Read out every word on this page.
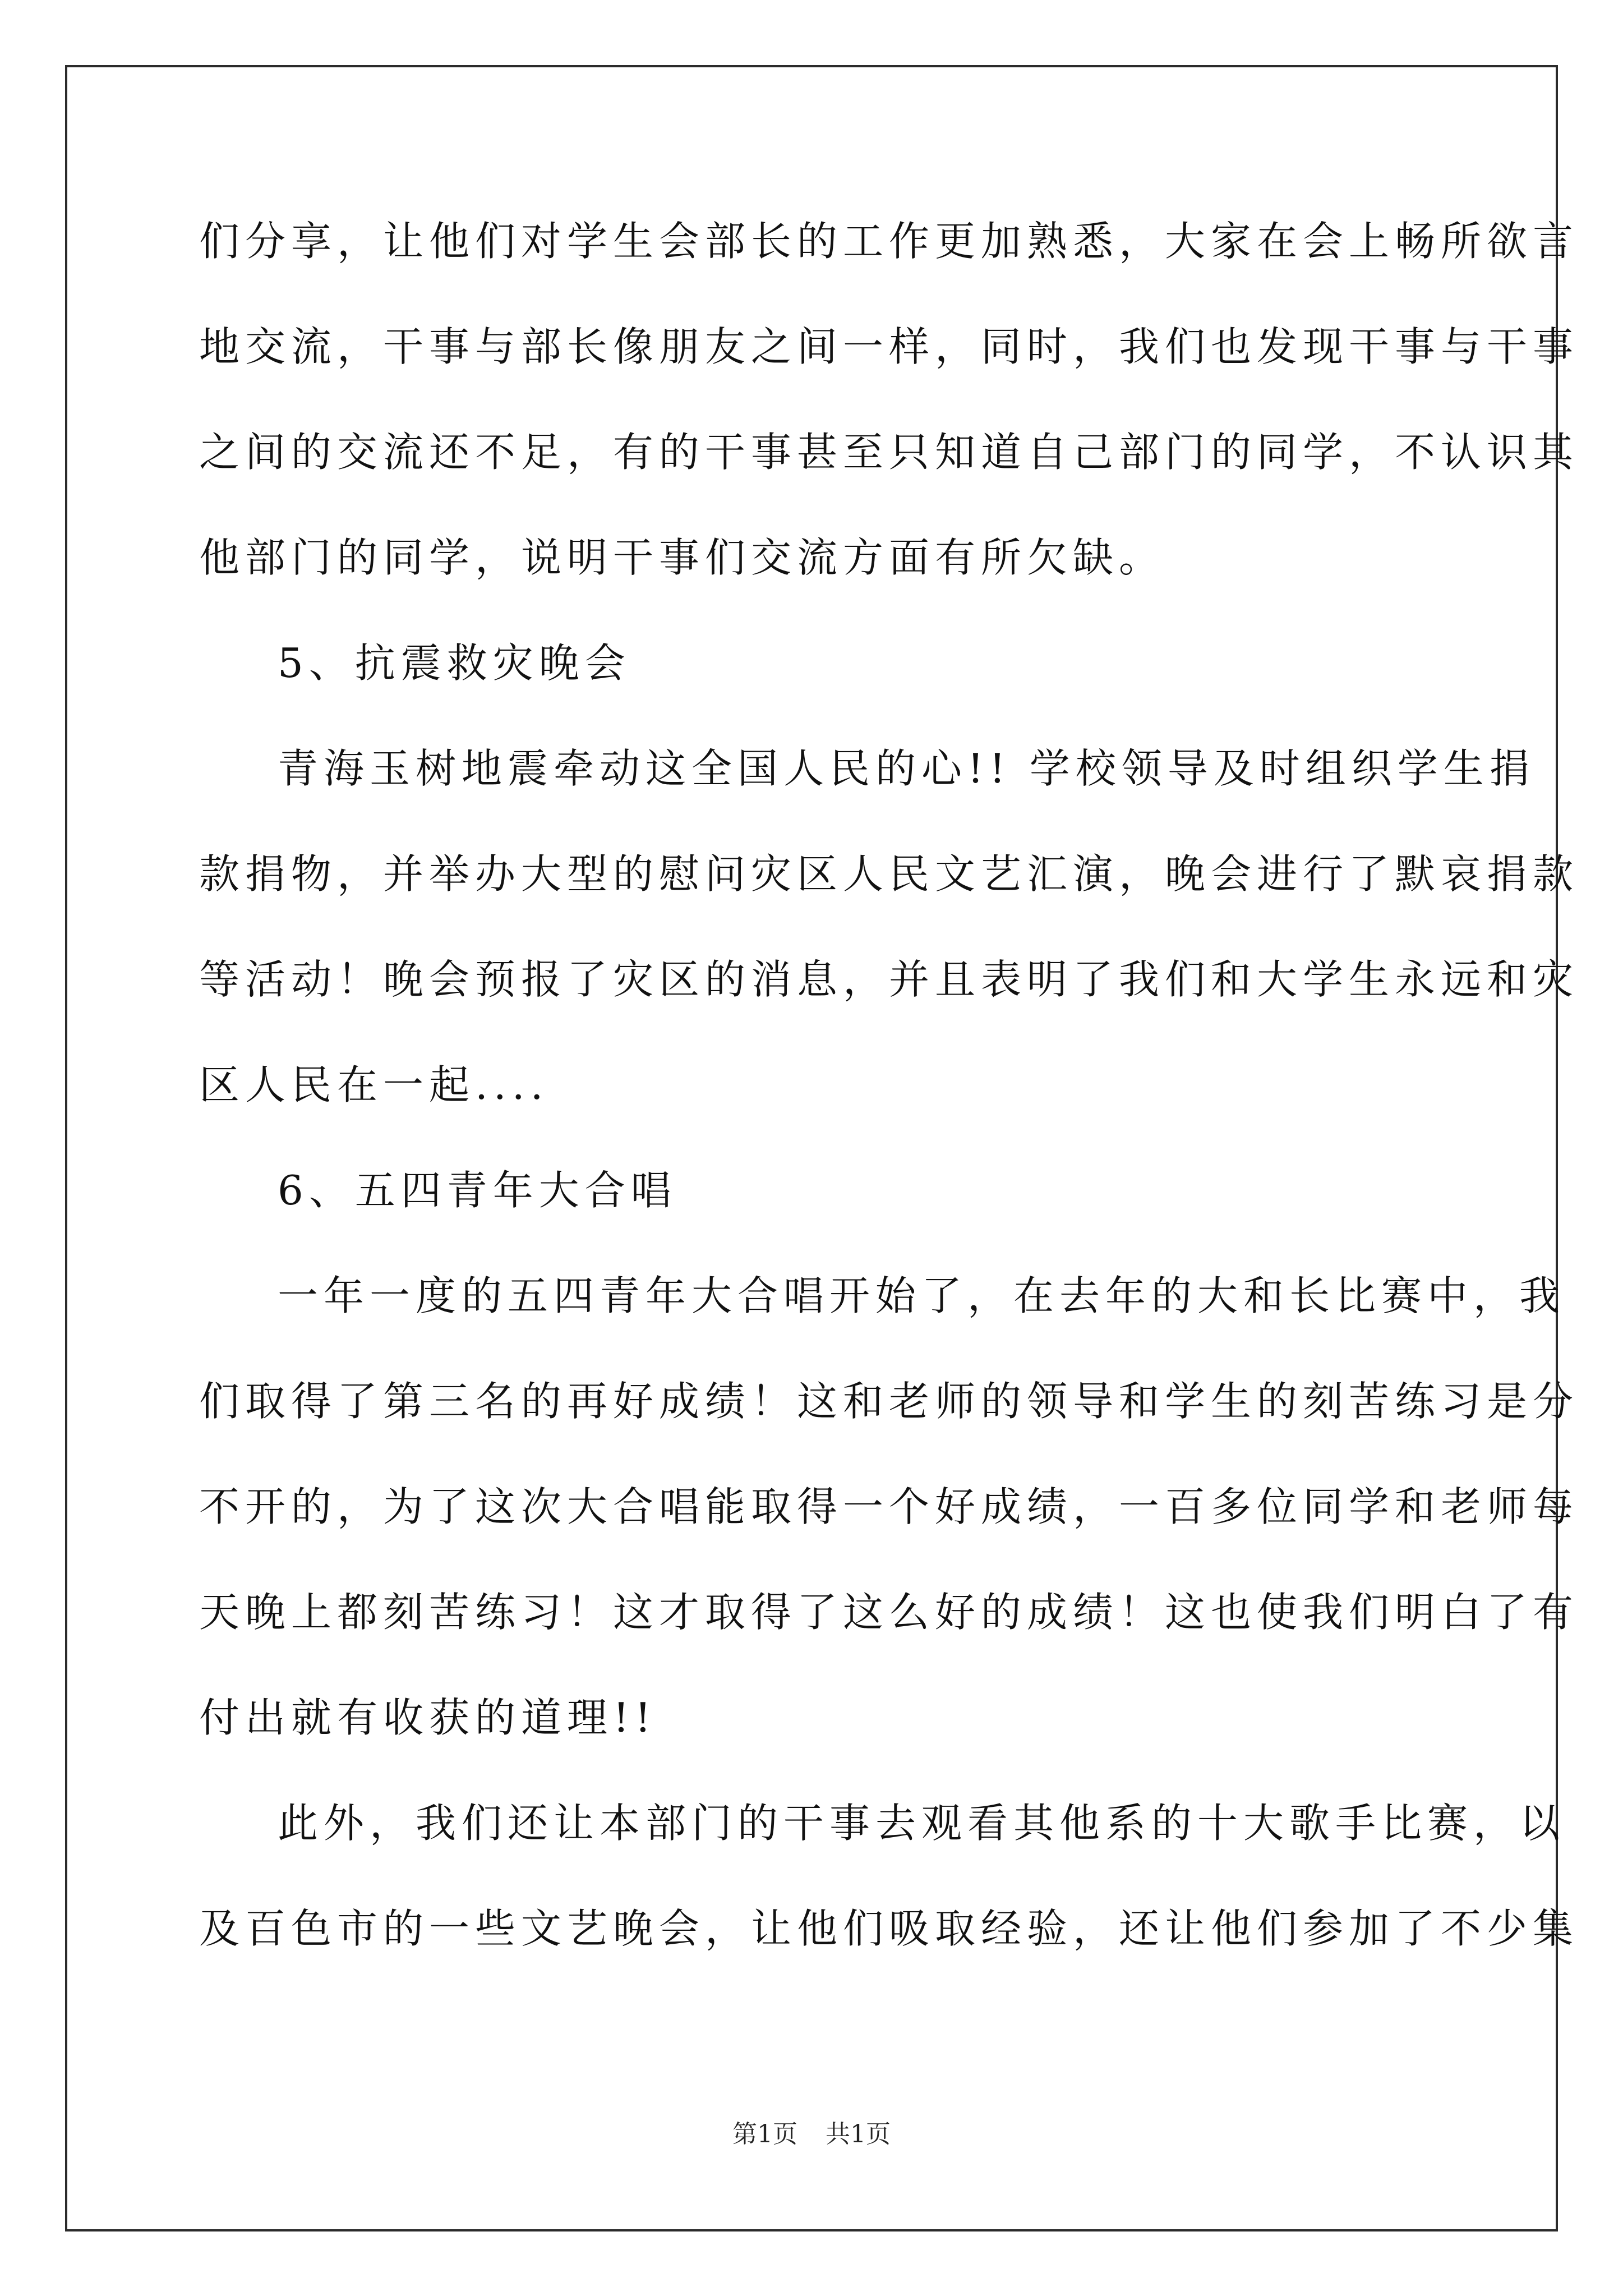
们分享，让他们对学生会部长的工作更加熟悉，大家在会上畅所欲言
地交流，干事与部长像朋友之间一样，同时，我们也发现干事与干事
之间的交流还不足，有的干事甚至只知道自己部门的同学，不认识其
他部门的同学，说明干事们交流方面有所欠缺。
5、抗震救灾晚会
青海玉树地震牵动这全国人民的心!! 学校领导及时组织学生捐
款捐物，并举办大型的慰问灾区人民文艺汇演，晚会进行了默哀捐款
等活动！晚会预报了灾区的消息，并且表明了我们和大学生永远和灾
区人民在一起....
6、五四青年大合唱
一年一度的五四青年大合唱开始了，在去年的大和长比赛中，我
们取得了第三名的再好成绩！这和老师的领导和学生的刻苦练习是分
不开的，为了这次大合唱能取得一个好成绩，一百多位同学和老师每
天晚上都刻苦练习！这才取得了这么好的成绩！这也使我们明白了有
付出就有收获的道理!!
此外，我们还让本部门的干事去观看其他系的十大歌手比赛，以
及百色市的一些文艺晚会，让他们吸取经验，还让他们参加了不少集
第1页 共1页
